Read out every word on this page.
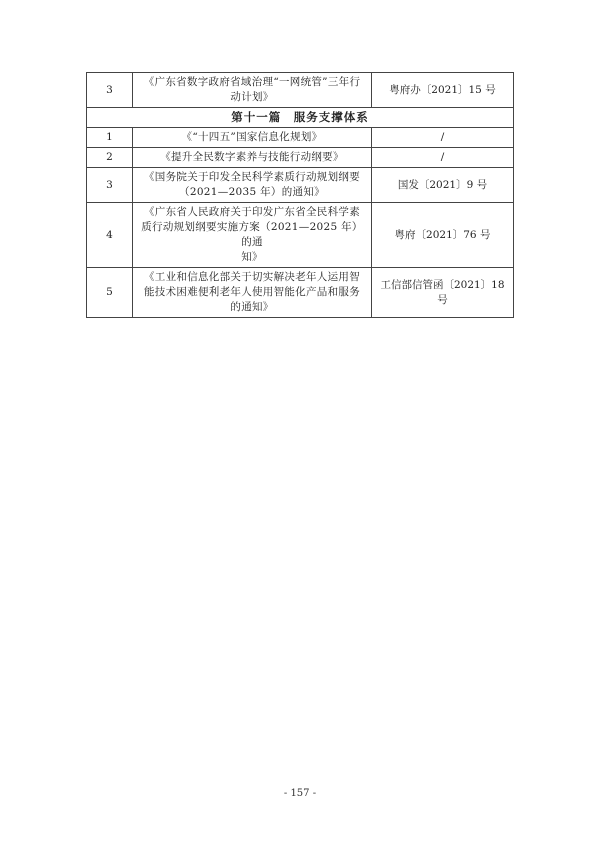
3	《广东省数字政府省域治理“一网统管”三年行
动计划》	粤府办〔2021〕15 号
第十一篇　服务支撑体系		
1	《“十四五”国家信息化规划》	/
2	《提升全民数字素养与技能行动纲要》	/
3	《国务院关于印发全民科学素质行动规划纲要
（2021—2035 年）的通知》	国发〔2021〕9 号
4	《广东省人民政府关于印发广东省全民科学素
质行动规划纲要实施方案（2021—2025 年）的通
知》	粤府〔2021〕76 号
5	《工业和信息化部关于切实解决老年人运用智
能技术困难便利老年人使用智能化产品和服务
的通知》	工信部信管函〔2021〕18 号
- 157 -
